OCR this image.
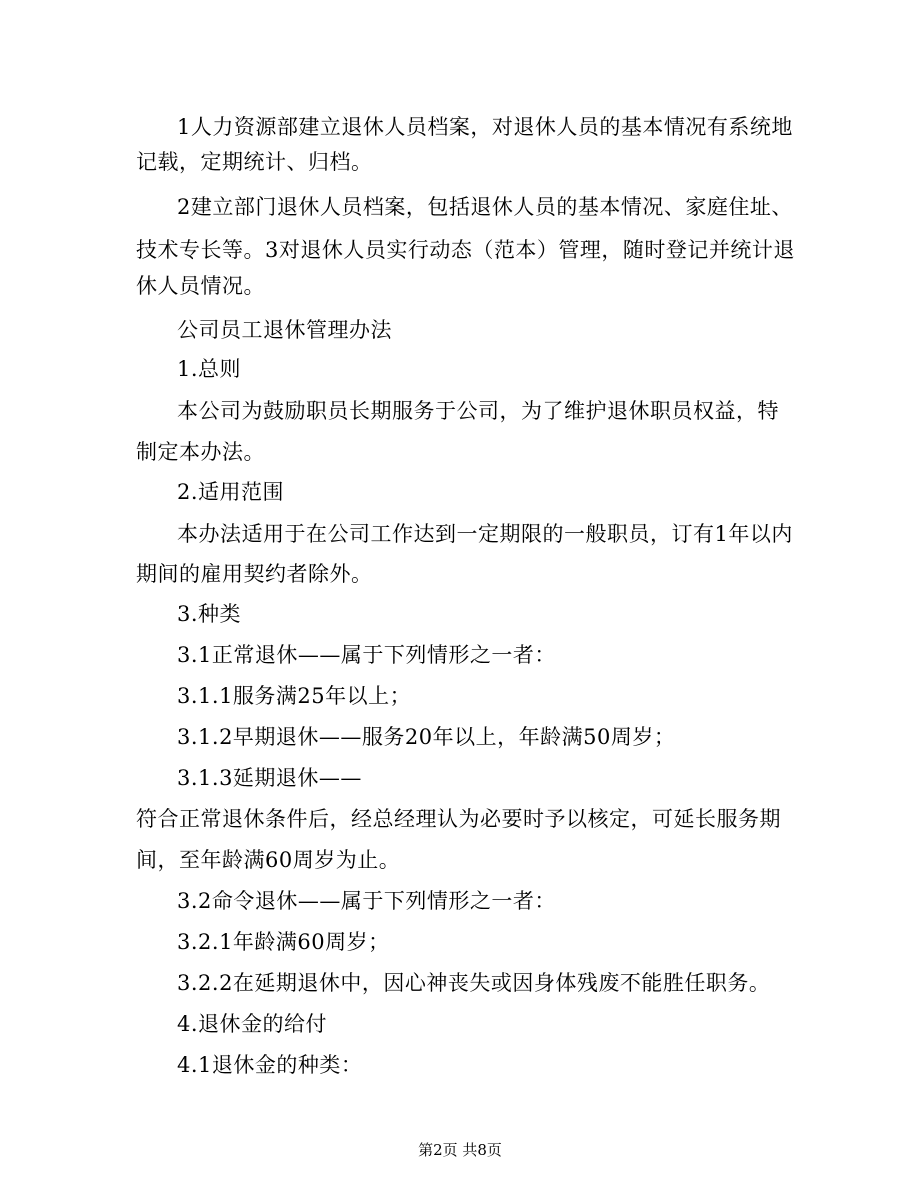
1人力资源部建立退休人员档案，对退休人员的基本情况有系统地
记载，定期统计、归档。
2建立部门退休人员档案，包括退休人员的基本情况、家庭住址、
技术专长等。3对退休人员实行动态（范本）管理，随时登记并统计退
休人员情况。
公司员工退休管理办法
1.总则
本公司为鼓励职员长期服务于公司，为了维护退休职员权益，特
制定本办法。
2.适用范围
本办法适用于在公司工作达到一定期限的一般职员，订有1年以内
期间的雇用契约者除外。
3.种类
3.1正常退休——属于下列情形之一者：
3.1.1服务满25年以上；
3.1.2早期退休——服务20年以上，年龄满50周岁；
3.1.3延期退休——
符合正常退休条件后，经总经理认为必要时予以核定，可延长服务期
间，至年龄满60周岁为止。
3.2命令退休——属于下列情形之一者：
3.2.1年龄满60周岁；
3.2.2在延期退休中，因心神丧失或因身体残废不能胜任职务。
4.退休金的给付
4.1退休金的种类：
第2页 共8页
